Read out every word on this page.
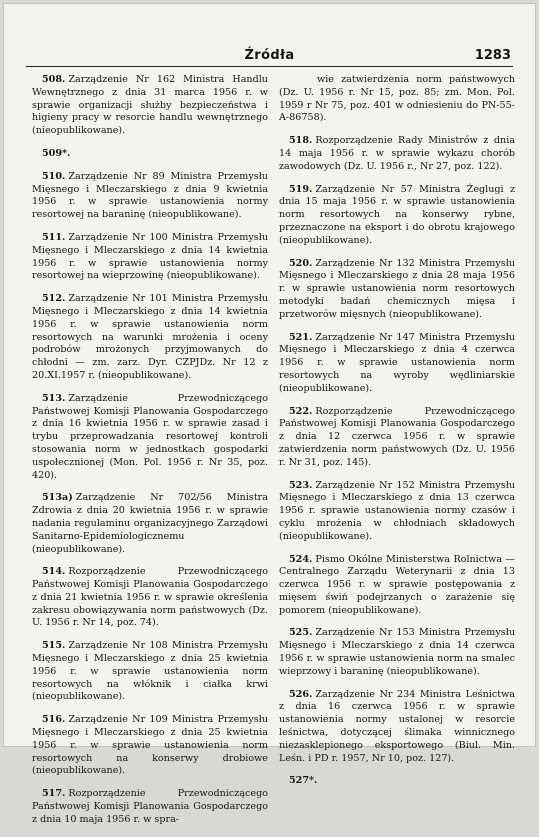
Źródła	1283

508. Zarządzenie Nr 162 Ministra Handlu Wewnętrznego z dnia 31 marca 1956 r. w sprawie organizacji służby bezpieczeństwa i higieny pracy w resorcie handlu wewnętrznego (nieopublikowane).

509*.

510. Zarządzenie Nr 89 Ministra Przemysłu Mięsnego i Mleczarskiego z dnia 9 kwietnia 1956 r. w sprawie ustanowienia normy resortowej na baraninę (nieopublikowane).

511. Zarządzenie Nr 100 Ministra Przemysłu Mięsnego i Mleczarskiego z dnia 14 kwietnia 1956 r. w sprawie ustanowienia normy resortowej na wieprzowinę (nieopublikowane).

512. Zarządzenie Nr 101 Ministra Przemysłu Mięsnego i Mleczarskiego z dnia 14 kwietnia 1956 r. w sprawie ustanowienia norm resortowych na warunki mrożenia i oceny podrobów mrożonych przyjmowanych do chłodni — zm. zarz. Dyr. CZPJDz. Nr 12 z 20.XI.1957 r. (nieopublikowane).

513. Zarządzenie Przewodniczącego Państwowej Komisji Planowania Gospodarczego z dnia 16 kwietnia 1956 r. w sprawie zasad i trybu przeprowadzania resortowej kontroli stosowania norm w jednostkach gospodarki uspołecznionej (Mon. Pol. 1956 r. Nr 35, poz. 420).

513a) Zarządzenie Nr 702/56 Ministra Zdrowia z dnia 20 kwietnia 1956 r. w sprawie nadania regulaminu organizacyjnego Zarządowi Sanitarno-Epidemiologicznemu (nieopublikowane).

514. Rozporządzenie Przewodniczącego Państwowej Komisji Planowania Gospodarczego z dnia 21 kwietnia 1956 r. w sprawie określenia zakresu obowiązywania norm państwowych (Dz. U. 1956 r. Nr 14, poz. 74).

515. Zarządzenie Nr 108 Ministra Przemysłu Mięsnego i Mleczarskiego z dnia 25 kwietnia 1956 r. w sprawie ustanowienia norm resortowych na włóknik i ciałka krwi (nieopublikowane).

516. Zarządzenie Nr 109 Ministra Przemysłu Mięsnego i Mleczarskiego z dnia 25 kwietnia 1956 r. w sprawie ustanowienia norm resortowych na konserwy drobiowe (nieopublikowane).

517. Rozporządzenie Przewodniczącego Państwowej Komisji Planowania Gospodarczego z dnia 10 maja 1956 r. w spra-

wie zatwierdzenia norm państwowych (Dz. U. 1956 r. Nr 15, poz. 85; zm. Mon. Pol. 1959 r Nr 75, poz. 401 w odniesieniu do PN-55-A-86758).

518. Rozporządzenie Rady Ministrów z dnia 14 maja 1956 r. w sprawie wykazu chorób zawodowych (Dz. U. 1956 r., Nr 27, poz. 122).

519. Zarządzenie Nr 57 Ministra Żeglugi z dnia 15 maja 1956 r. w sprawie ustanowienia norm resortowych na konserwy rybne, przeznaczone na eksport i do obrotu krajowego (nieopublikowane).

520. Zarządzenie Nr 132 Ministra Przemysłu Mięsnego i Mleczarskiego z dnia 28 maja 1956 r. w sprawie ustanowienia norm resortowych metodyki badań chemicznych mięsa i przetworów mięsnych (nieopublikowane).

521. Zarządzenie Nr 147 Ministra Przemysłu Mięsnego i Mleczarskiego z dnia 4 czerwca 1956 r. w sprawie ustanowienia norm resortowych na wyroby wędliniarskie (nieopublikowane).

522. Rozporządzenie Przewodniczącego Państwowej Komisji Planowania Gospodarczego z dnia 12 czerwca 1956 r. w sprawie zatwierdzenia norm państwowych (Dz. U. 1956 r. Nr 31, poz. 145).

523. Zarządzenie Nr 152 Ministra Przemysłu Mięsnego i Mleczarskiego z dnia 13 czerwca 1956 r. sprawie ustanowienia normy czasów i cyklu mrożenia w chłodniach składowych (nieopublikowane).

524. Pismo Okólne Ministerstwa Rolnictwa — Centralnego Zarządu Weterynarii z dnia 13 czerwca 1956 r. w sprawie postępowania z mięsem świń podejrzanych o zarażenie się pomorem (nieopublikowane).

525. Zarządzenie Nr 153 Ministra Przemysłu Mięsnego i Mleczarskiego z dnia 14 czerwca 1956 r. w sprawie ustanowienia norm na smalec wieprzowy i baraninę (nieopublikowane).

526. Zarządzenie Nr 234 Ministra Leśnictwa z dnia 16 czerwca 1956 r. w sprawie ustanowienia normy ustalonej w resorcie leśnictwa, dotyczącej ślimaka winnicznego niezasklepionego eksportowego (Biul. Min. Leśn. i PD r. 1957, Nr 10, poz. 127).

527*.
